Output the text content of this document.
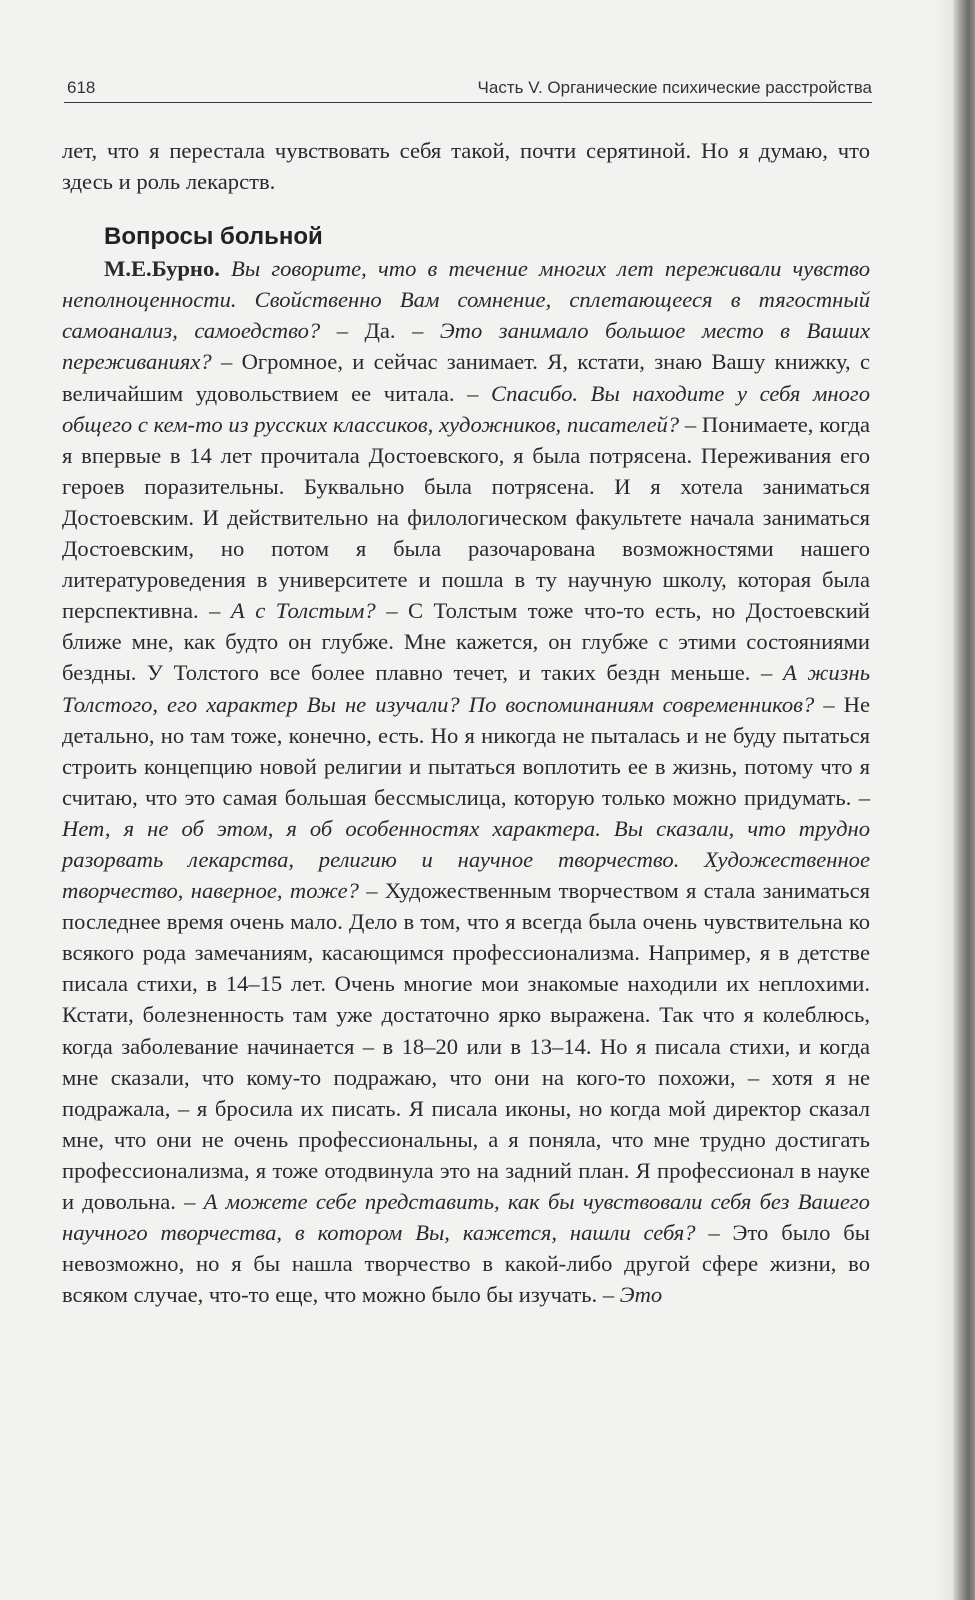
618	Часть V. Органические психические расстройства

лет, что я перестала чувствовать себя такой, почти серятиной. Но я думаю, что здесь и роль лекарств.

Вопросы больной

М.Е.Бурно. Вы говорите, что в течение многих лет переживали чувство неполноценности. Свойственно Вам сомнение, сплетающееся в тягостный самоанализ, самоедство? – Да. – Это занимало большое место в Ваших переживаниях? – Огромное, и сейчас занимает. Я, кстати, знаю Вашу книжку, с величайшим удовольствием ее читала. – Спасибо. Вы находите у себя много общего с кем-то из русских классиков, художников, писателей? – Понимаете, когда я впервые в 14 лет прочитала Достоевского, я была потрясена. Переживания его героев поразительны. Буквально была потрясена. И я хотела заниматься Достоевским. И действительно на филологическом факультете начала заниматься Достоевским, но потом я была разочарована возможностями нашего литературоведения в университете и пошла в ту научную школу, которая была перспективна. – А с Толстым? – С Толстым тоже что-то есть, но Достоевский ближе мне, как будто он глубже. Мне кажется, он глубже с этими состояниями бездны. У Толстого все более плавно течет, и таких бездн меньше. – А жизнь Толстого, его характер Вы не изучали? По воспоминаниям современников? – Не детально, но там тоже, конечно, есть. Но я никогда не пыталась и не буду пытаться строить концепцию новой религии и пытаться воплотить ее в жизнь, потому что я считаю, что это самая большая бессмыслица, которую только можно придумать. – Нет, я не об этом, я об особенностях характера. Вы сказали, что трудно разорвать лекарства, религию и научное творчество. Художественное творчество, наверное, тоже? – Художественным творчеством я стала заниматься последнее время очень мало. Дело в том, что я всегда была очень чувствительна ко всякого рода замечаниям, касающимся профессионализма. Например, я в детстве писала стихи, в 14–15 лет. Очень многие мои знакомые находили их неплохими. Кстати, болезненность там уже достаточно ярко выражена. Так что я колеблюсь, когда заболевание начинается – в 18–20 или в 13–14. Но я писала стихи, и когда мне сказали, что кому-то подражаю, что они на кого-то похожи, – хотя я не подражала, – я бросила их писать. Я писала иконы, но когда мой директор сказал мне, что они не очень профессиональны, а я поняла, что мне трудно достигать профессионализма, я тоже отодвинула это на задний план. Я профессионал в науке и довольна. – А можете себе представить, как бы чувствовали себя без Вашего научного творчества, в котором Вы, кажется, нашли себя? – Это было бы невозможно, но я бы нашла творчество в какой-либо другой сфере жизни, во всяком случае, что-то еще, что можно было бы изучать. – Это
